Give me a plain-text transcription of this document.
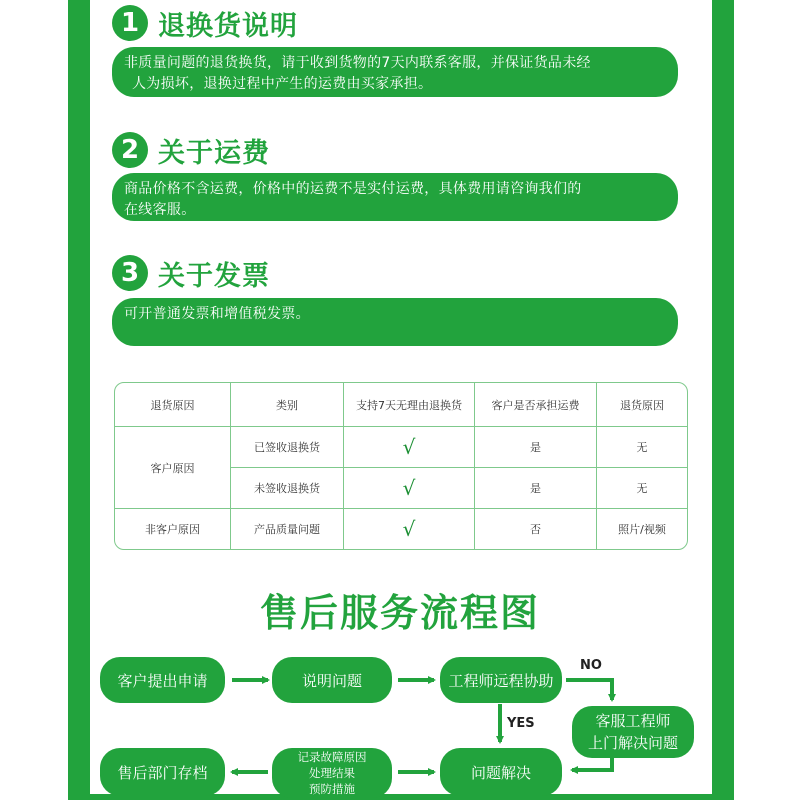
1 退换货说明
非质量问题的退货换货，请于收到货物的7天内联系客服，并保证货品未经
人为损坏，退换过程中产生的运费由买家承担。
2 关于运费
商品价格不含运费，价格中的运费不是实付运费，具体费用请咨询我们的
在线客服。
3 关于发票
可开普通发票和增值税发票。
退货原因	类别	支持7天无理由退换货	客户是否承担运费	退货原因
客户原因	已签收退换货	√	是	无
	未签收退换货	√	是	无
非客户原因	产品质量问题	√	否	照片/视频
售后服务流程图
客户提出申请	说明问题	工程师远程协助
客服工程师
上门解决问题
问题解决
记录故障原因
处理结果
预防措施
售后部门存档
NO
YES
